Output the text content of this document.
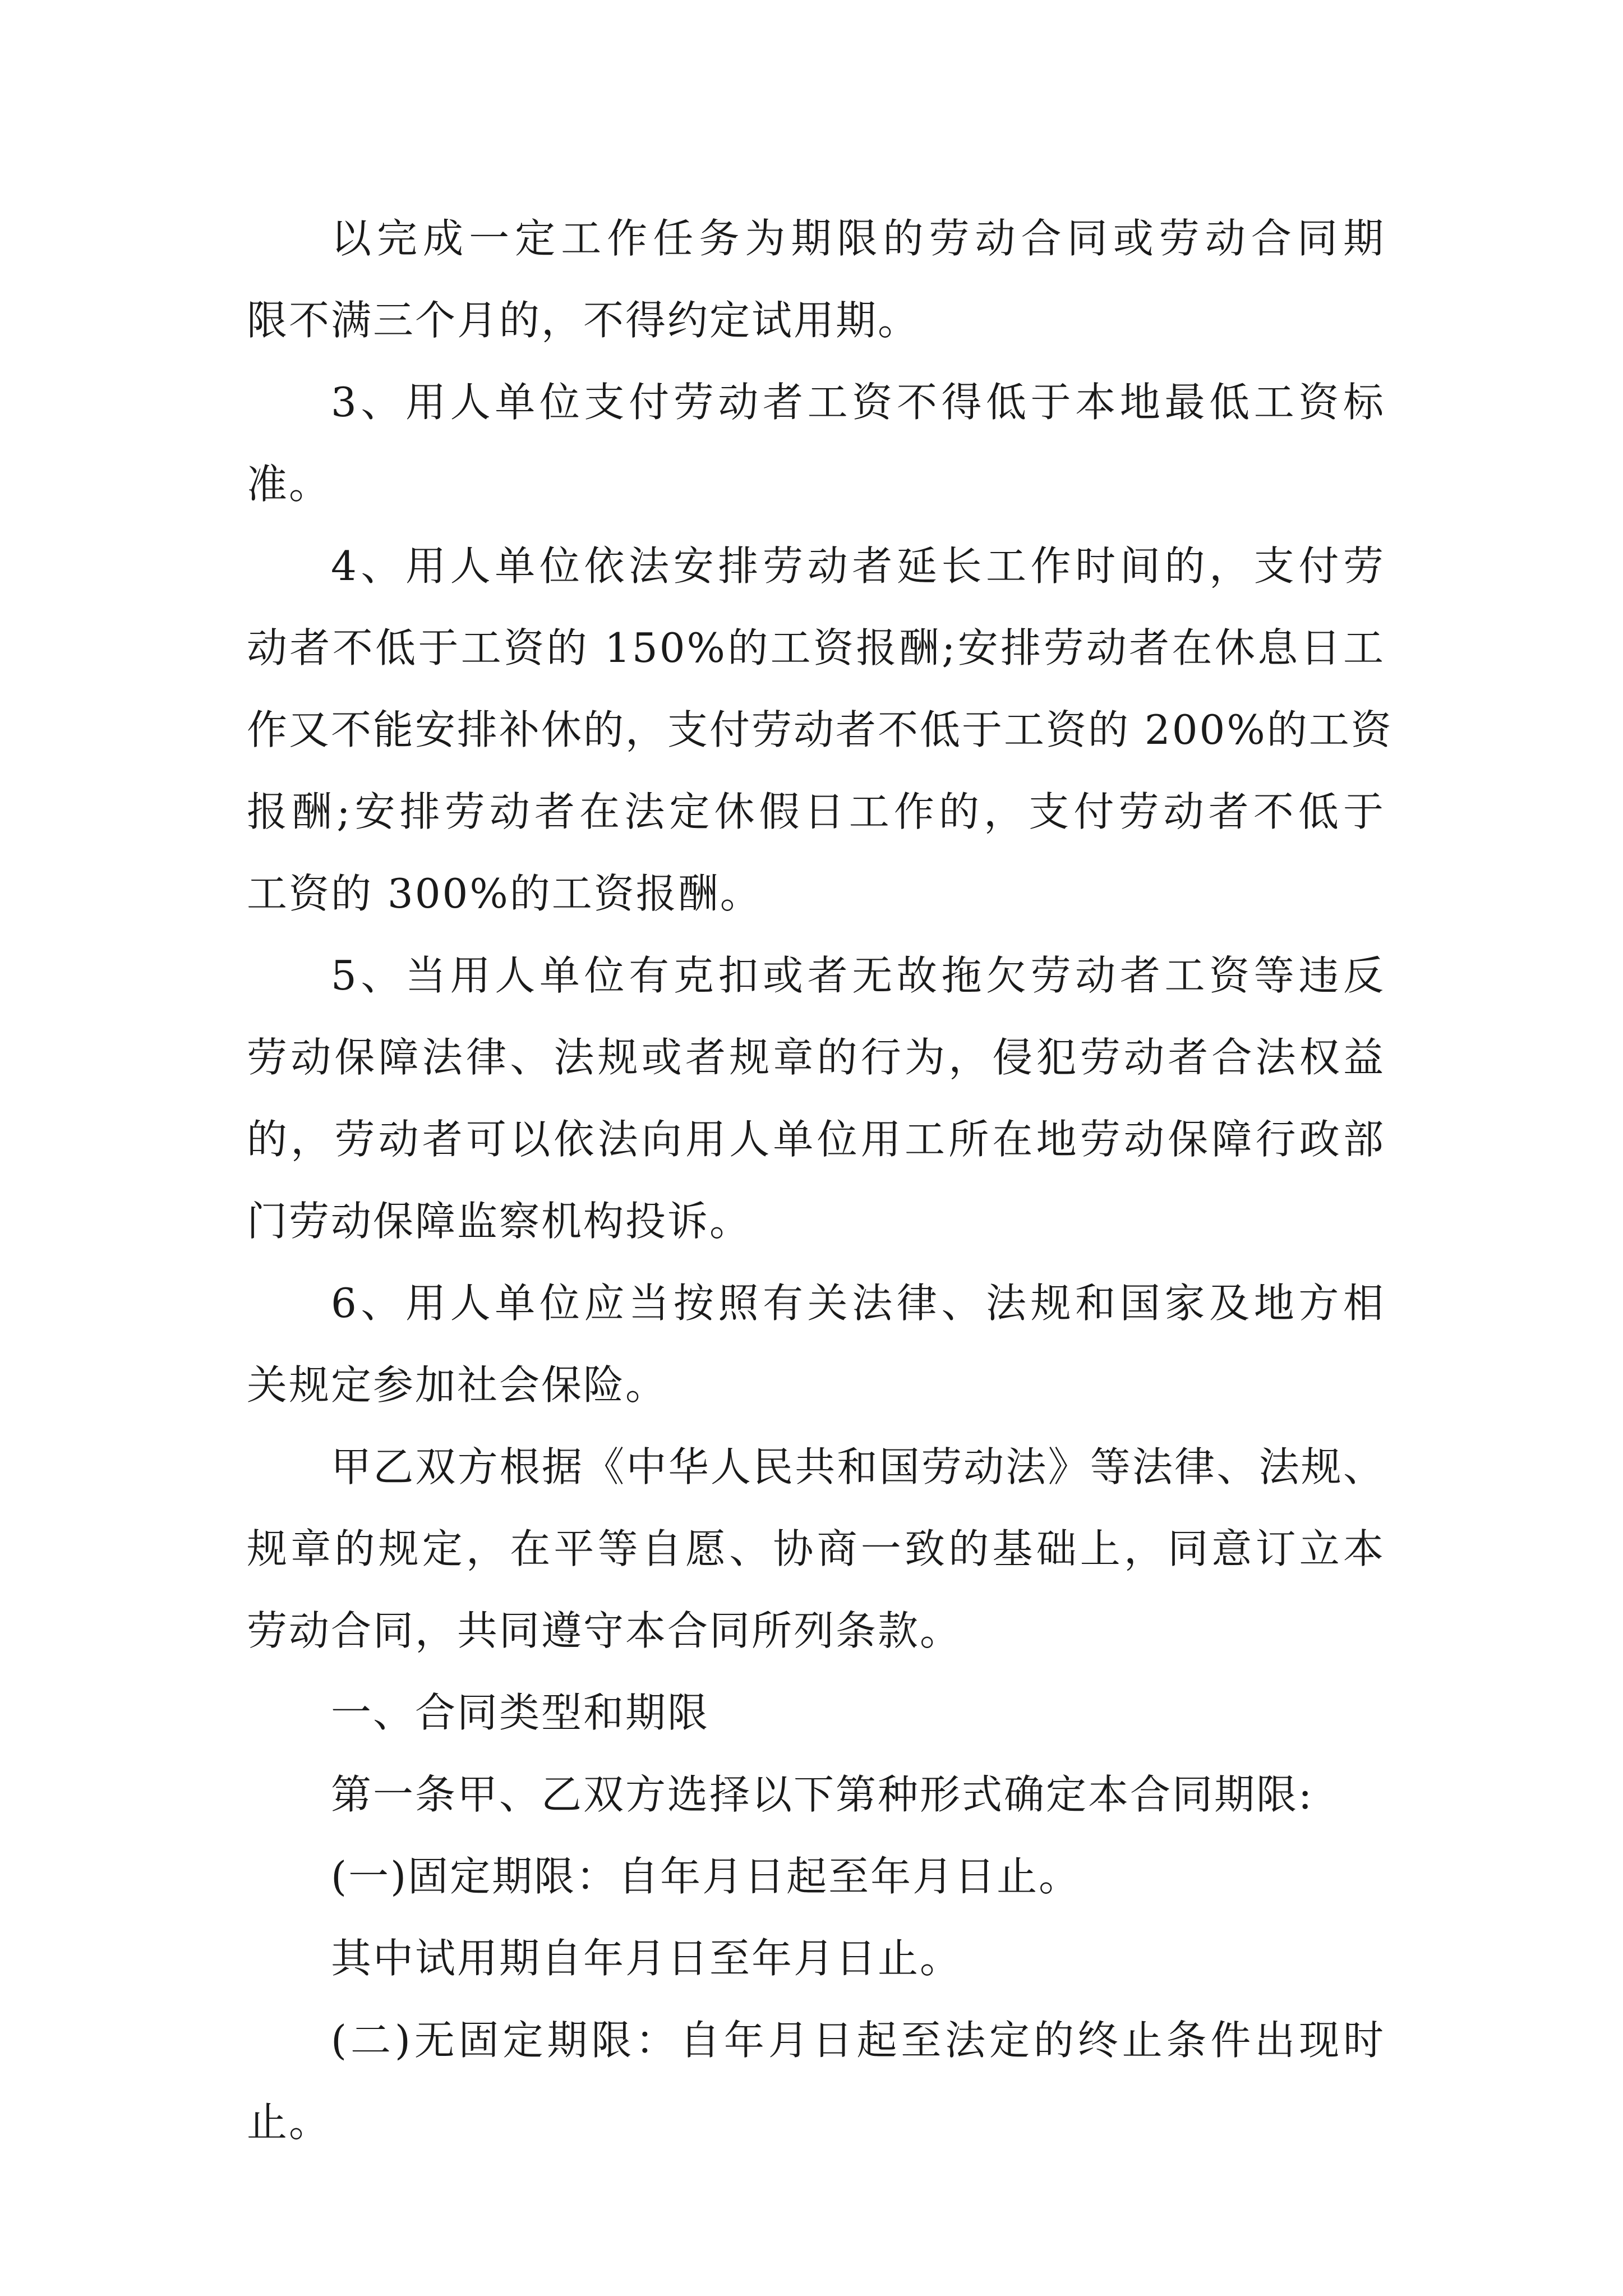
以完成一定工作任务为期限的劳动合同或劳动合同期
限不满三个月的，不得约定试用期。
3、用人单位支付劳动者工资不得低于本地最低工资标
准。
4、用人单位依法安排劳动者延长工作时间的，支付劳
动者不低于工资的 150%的工资报酬;安排劳动者在休息日工
作又不能安排补休的，支付劳动者不低于工资的 200%的工资
报酬;安排劳动者在法定休假日工作的，支付劳动者不低于
工资的 300%的工资报酬。
5、当用人单位有克扣或者无故拖欠劳动者工资等违反
劳动保障法律、法规或者规章的行为，侵犯劳动者合法权益
的，劳动者可以依法向用人单位用工所在地劳动保障行政部
门劳动保障监察机构投诉。
6、用人单位应当按照有关法律、法规和国家及地方相
关规定参加社会保险。
甲乙双方根据《中华人民共和国劳动法》等法律、法规、
规章的规定，在平等自愿、协商一致的基础上，同意订立本
劳动合同，共同遵守本合同所列条款。
一、合同类型和期限
第一条甲、乙双方选择以下第种形式确定本合同期限:
(一)固定期限：自年月日起至年月日止。
其中试用期自年月日至年月日止。
(二)无固定期限：自年月日起至法定的终止条件出现时
止。
